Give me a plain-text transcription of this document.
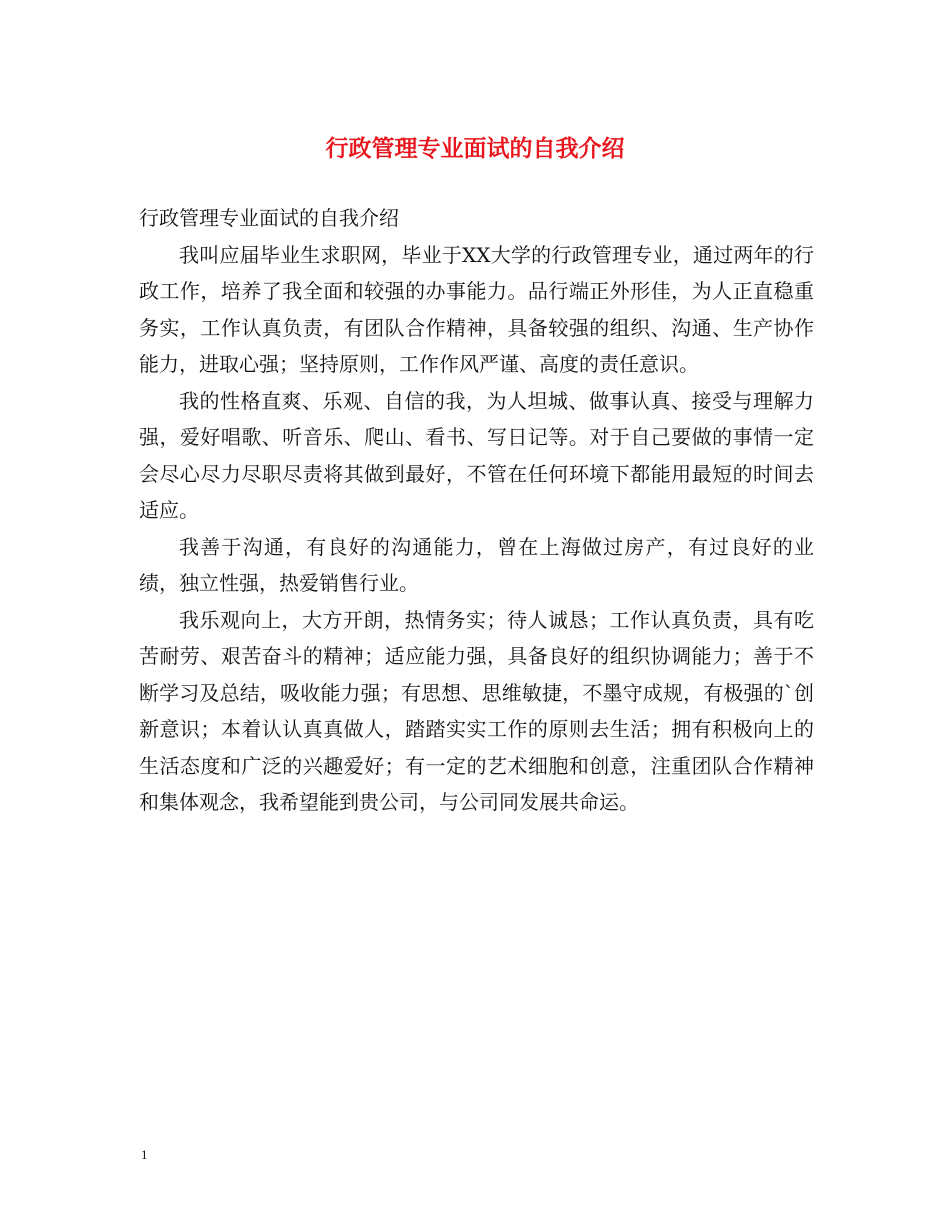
行政管理专业面试的自我介绍

行政管理专业面试的自我介绍

我叫应届毕业生求职网，毕业于XX大学的行政管理专业，通过两年的行政工作，培养了我全面和较强的办事能力。品行端正外形佳，为人正直稳重务实，工作认真负责，有团队合作精神，具备较强的组织、沟通、生产协作能力，进取心强；坚持原则，工作作风严谨、高度的责任意识。

我的性格直爽、乐观、自信的我，为人坦城、做事认真、接受与理解力强，爱好唱歌、听音乐、爬山、看书、写日记等。对于自己要做的事情一定会尽心尽力尽职尽责将其做到最好，不管在任何环境下都能用最短的时间去适应。

我善于沟通，有良好的沟通能力，曾在上海做过房产，有过良好的业绩，独立性强，热爱销售行业。

我乐观向上，大方开朗，热情务实；待人诚恳；工作认真负责，具有吃苦耐劳、艰苦奋斗的精神；适应能力强，具备良好的组织协调能力；善于不断学习及总结，吸收能力强；有思想、思维敏捷，不墨守成规，有极强的`创新意识；本着认认真真做人，踏踏实实工作的原则去生活；拥有积极向上的生活态度和广泛的兴趣爱好；有一定的艺术细胞和创意，注重团队合作精神和集体观念，我希望能到贵公司，与公司同发展共命运。

1
